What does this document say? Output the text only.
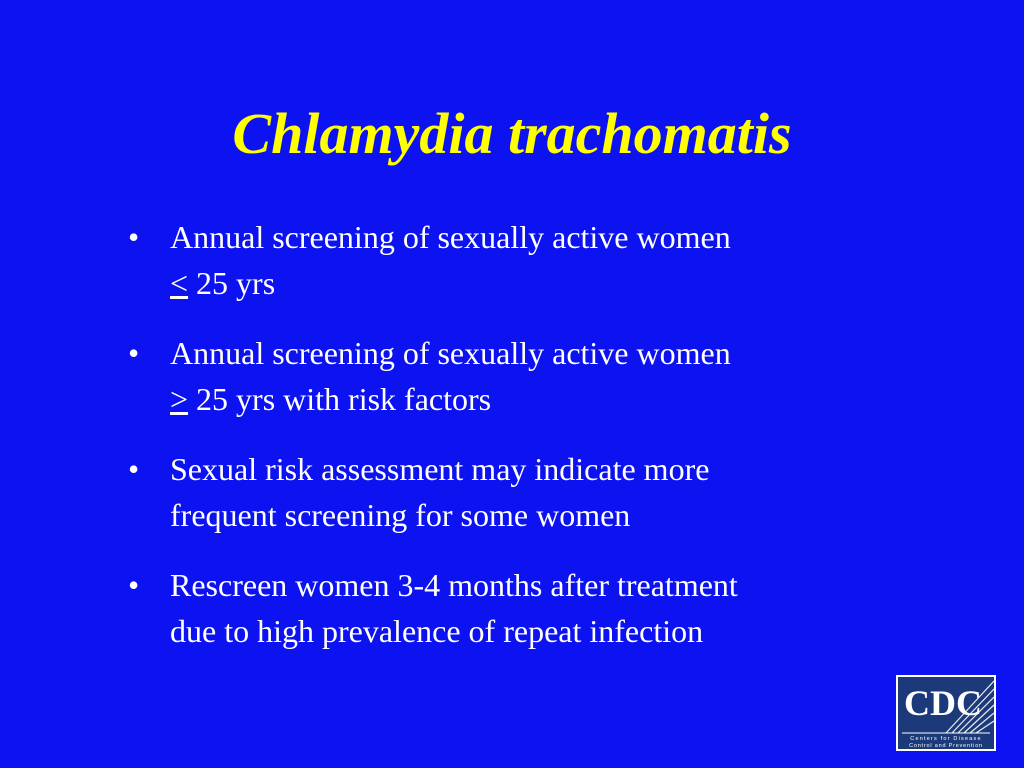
Chlamydia trachomatis
• Annual screening of sexually active women
< 25 yrs
• Annual screening of sexually active women
> 25 yrs with risk factors
• Sexual risk assessment may indicate more
frequent screening for some women
• Rescreen women 3-4 months after treatment
due to high prevalence of repeat infection
CDC
Centers for Disease
Control and Prevention
